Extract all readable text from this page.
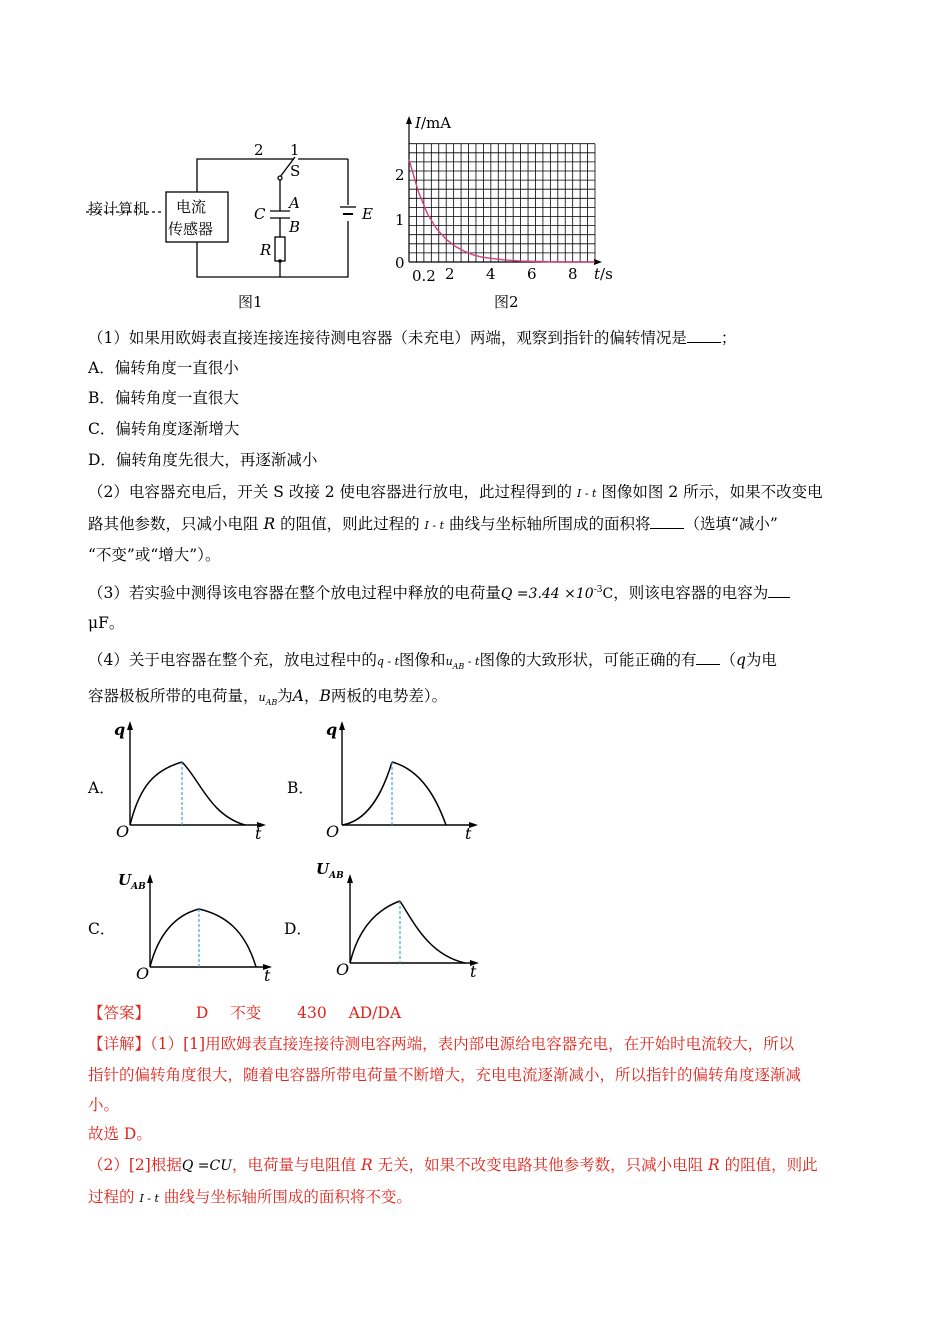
接计算机 电流
传感器
2 1
S
C
A
B
R
E
图1
I/mA
2
1
0
0.2 2 4 6 8 t/s
图2
（1）如果用欧姆表直接连接连接待测电容器（未充电）两端，观察到指针的偏转情况是 ；
A．偏转角度一直很小
B．偏转角度一直很大
C．偏转角度逐渐增大
D．偏转角度先很大，再逐渐减小
（2）电容器充电后，开关 S 改接 2 使电容器进行放电，此过程得到的 I - t 图像如图 2 所示，如果不改变电
路其他参数，只减小电阻 R 的阻值，则此过程的 I - t 曲线与坐标轴所围成的面积将 （选填“减小”
“不变”或“增大”）。
（3）若实验中测得该电容器在整个放电过程中释放的电荷量$Q =3.44 \times 10^{-3}C$，则该电容器的电容为
μF。
（4）关于电容器在整个充，放电过程中的q - t图像和$u_{AB}$ - t图像的大致形状，可能正确的有 （q为电
容器极板所带的电荷量，$u_{AB}$为A，B两板的电势差）。
A．	B．
C．	D．
q
O	t
q
O	t
$U_{AB}$
O	t
$U_{AB}$
O	t
【答案】	D 不变 430 AD/DA
【详解】（1）[1]用欧姆表直接连接待测电容两端，表内部电源给电容器充电，在开始时电流较大，所以
指针的偏转角度很大，随着电容器所带电荷量不断增大，充电电流逐渐减小，所以指针的偏转角度逐渐减
小。
故选 D。
（2）[2]根据Q =CU，电荷量与电阻值 R 无关，如果不改变电路其他参考数，只减小电阻 R 的阻值，则此
过程的 I - t 曲线与坐标轴所围成的面积将不变。
